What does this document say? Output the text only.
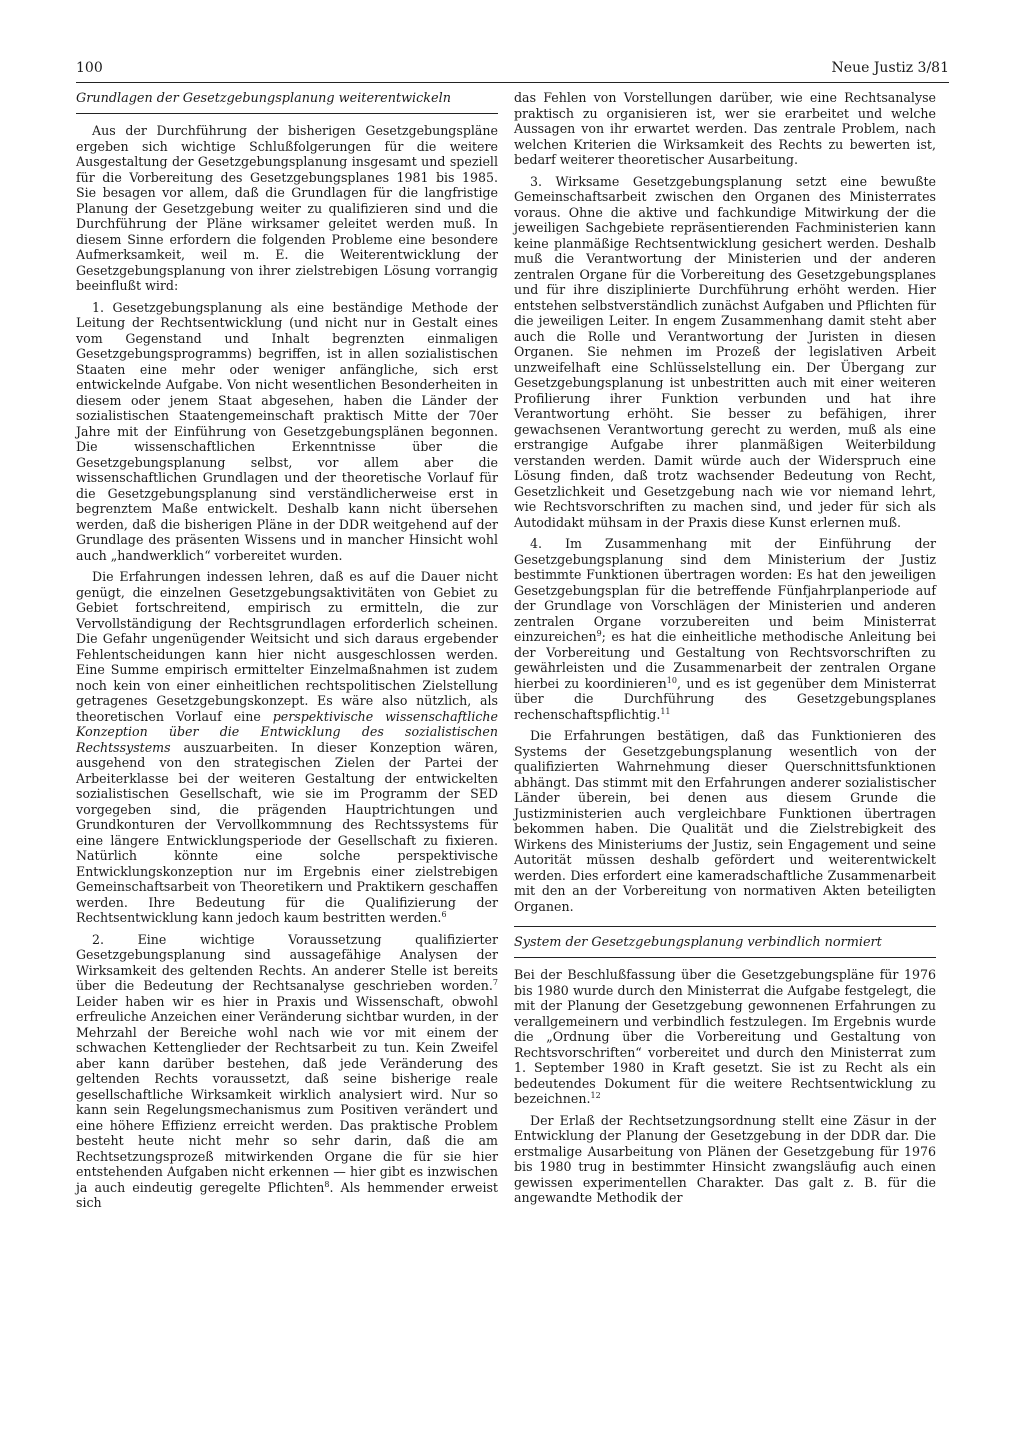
100	Neue Justiz 3/81
Grundlagen der Gesetzgebungsplanung weiterentwickeln

Aus der Durchführung der bisherigen Gesetzgebungspläne ergeben sich wichtige Schlußfolgerungen für die weitere Ausgestaltung der Gesetzgebungsplanung insgesamt und speziell für die Vorbereitung des Gesetzgebungsplanes 1981 bis 1985. Sie besagen vor allem, daß die Grundlagen für die langfristige Planung der Gesetzgebung weiter zu qualifizieren sind und die Durchführung der Pläne wirksamer geleitet werden muß. In diesem Sinne erfordern die folgenden Probleme eine besondere Aufmerksamkeit, weil m. E. die Weiterentwicklung der Gesetzgebungsplanung von ihrer zielstrebigen Lösung vorrangig beeinflußt wird:

1. Gesetzgebungsplanung als eine beständige Methode der Leitung der Rechtsentwicklung (und nicht nur in Gestalt eines vom Gegenstand und Inhalt begrenzten einmaligen Gesetzgebungsprogramms) begriffen, ist in allen sozialistischen Staaten eine mehr oder weniger anfängliche, sich erst entwickelnde Aufgabe. Von nicht wesentlichen Besonderheiten in diesem oder jenem Staat abgesehen, haben die Länder der sozialistischen Staatengemeinschaft praktisch Mitte der 70er Jahre mit der Einführung von Gesetzgebungsplänen begonnen. Die wissenschaftlichen Erkenntnisse über die Gesetzgebungsplanung selbst, vor allem aber die wissenschaftlichen Grundlagen und der theoretische Vorlauf für die Gesetzgebungsplanung sind verständlicherweise erst in begrenztem Maße entwickelt. Deshalb kann nicht übersehen werden, daß die bisherigen Pläne in der DDR weitgehend auf der Grundlage des präsenten Wissens und in mancher Hinsicht wohl auch „handwerklich“ vorbereitet wurden.

Die Erfahrungen indessen lehren, daß es auf die Dauer nicht genügt, die einzelnen Gesetzgebungsaktivitäten von Gebiet zu Gebiet fortschreitend, empirisch zu ermitteln, die zur Vervollständigung der Rechtsgrundlagen erforderlich scheinen. Die Gefahr ungenügender Weitsicht und sich daraus ergebender Fehlentscheidungen kann hier nicht ausgeschlossen werden. Eine Summe empirisch ermittelter Einzelmaßnahmen ist zudem noch kein von einer einheitlichen rechtspolitischen Zielstellung getragenes Gesetzgebungskonzept. Es wäre also nützlich, als theoretischen Vorlauf eine perspektivische wissenschaftliche Konzeption über die Entwicklung des sozialistischen Rechtssystems auszuarbeiten. In dieser Konzeption wären, ausgehend von den strategischen Zielen der Partei der Arbeiterklasse bei der weiteren Gestaltung der entwickelten sozialistischen Gesellschaft, wie sie im Programm der SED vorgegeben sind, die prägenden Hauptrichtungen und Grundkonturen der Vervollkommnung des Rechtssystems für eine längere Entwicklungsperiode der Gesellschaft zu fixieren. Natürlich könnte eine solche perspektivische Entwicklungskonzeption nur im Ergebnis einer zielstrebigen Gemeinschaftsarbeit von Theoretikern und Praktikern geschaffen werden. Ihre Bedeutung für die Qualifizierung der Rechtsentwicklung kann jedoch kaum bestritten werden.$^6$

2. Eine wichtige Voraussetzung qualifizierter Gesetzgebungsplanung sind aussagefähige Analysen der Wirksamkeit des geltenden Rechts. An anderer Stelle ist bereits über die Bedeutung der Rechtsanalyse geschrieben worden.$^7$ Leider haben wir es hier in Praxis und Wissenschaft, obwohl erfreuliche Anzeichen einer Veränderung sichtbar wurden, in der Mehrzahl der Bereiche wohl nach wie vor mit einem der schwachen Kettenglieder der Rechtsarbeit zu tun. Kein Zweifel aber kann darüber bestehen, daß jede Veränderung des geltenden Rechts voraussetzt, daß seine bisherige reale gesellschaftliche Wirksamkeit wirklich analysiert wird. Nur so kann sein Regelungsmechanismus zum Positiven verändert und eine höhere Effizienz erreicht werden. Das praktische Problem besteht heute nicht mehr so sehr darin, daß die am Rechtsetzungsprozeß mitwirkenden Organe die für sie hier entstehenden Aufgaben nicht erkennen — hier gibt es inzwischen ja auch eindeutig geregelte Pflichten$^8$. Als hemmender erweist sich

das Fehlen von Vorstellungen darüber, wie eine Rechtsanalyse praktisch zu organisieren ist, wer sie erarbeitet und welche Aussagen von ihr erwartet werden. Das zentrale Problem, nach welchen Kriterien die Wirksamkeit des Rechts zu bewerten ist, bedarf weiterer theoretischer Ausarbeitung.

3. Wirksame Gesetzgebungsplanung setzt eine bewußte Gemeinschaftsarbeit zwischen den Organen des Ministerrates voraus. Ohne die aktive und fachkundige Mitwirkung der die jeweiligen Sachgebiete repräsentierenden Fachministerien kann keine planmäßige Rechtsentwicklung gesichert werden. Deshalb muß die Verantwortung der Ministerien und der anderen zentralen Organe für die Vorbereitung des Gesetzgebungsplanes und für ihre disziplinierte Durchführung erhöht werden. Hier entstehen selbstverständlich zunächst Aufgaben und Pflichten für die jeweiligen Leiter. In engem Zusammenhang damit steht aber auch die Rolle und Verantwortung der Juristen in diesen Organen. Sie nehmen im Prozeß der legislativen Arbeit unzweifelhaft eine Schlüsselstellung ein. Der Übergang zur Gesetzgebungsplanung ist unbestritten auch mit einer weiteren Profilierung ihrer Funktion verbunden und hat ihre Verantwortung erhöht. Sie besser zu befähigen, ihrer gewachsenen Verantwortung gerecht zu werden, muß als eine erstrangige Aufgabe ihrer planmäßigen Weiterbildung verstanden werden. Damit würde auch der Widerspruch eine Lösung finden, daß trotz wachsender Bedeutung von Recht, Gesetzlichkeit und Gesetzgebung nach wie vor niemand lehrt, wie Rechtsvorschriften zu machen sind, und jeder für sich als Autodidakt mühsam in der Praxis diese Kunst erlernen muß.

4. Im Zusammenhang mit der Einführung der Gesetzgebungsplanung sind dem Ministerium der Justiz bestimmte Funktionen übertragen worden: Es hat den jeweiligen Gesetzgebungsplan für die betreffende Fünfjahrplanperiode auf der Grundlage von Vorschlägen der Ministerien und anderen zentralen Organe vorzubereiten und beim Ministerrat einzureichen$^9$; es hat die einheitliche methodische Anleitung bei der Vorbereitung und Gestaltung von Rechtsvorschriften zu gewährleisten und die Zusammenarbeit der zentralen Organe hierbei zu koordinieren$^{10}$, und es ist gegenüber dem Ministerrat über die Durchführung des Gesetzgebungsplanes rechenschaftspflichtig.$^{11}$

Die Erfahrungen bestätigen, daß das Funktionieren des Systems der Gesetzgebungsplanung wesentlich von der qualifizierten Wahrnehmung dieser Querschnittsfunktionen abhängt. Das stimmt mit den Erfahrungen anderer sozialistischer Länder überein, bei denen aus diesem Grunde die Justizministerien auch vergleichbare Funktionen übertragen bekommen haben. Die Qualität und die Zielstrebigkeit des Wirkens des Ministeriums der Justiz, sein Engagement und seine Autorität müssen deshalb gefördert und weiterentwickelt werden. Dies erfordert eine kameradschaftliche Zusammenarbeit mit den an der Vorbereitung von normativen Akten beteiligten Organen.

System der Gesetzgebungsplanung verbindlich normiert

Bei der Beschlußfassung über die Gesetzgebungspläne für 1976 bis 1980 wurde durch den Ministerrat die Aufgabe festgelegt, die mit der Planung der Gesetzgebung gewonnenen Erfahrungen zu verallgemeinern und verbindlich festzulegen. Im Ergebnis wurde die „Ordnung über die Vorbereitung und Gestaltung von Rechtsvorschriften“ vorbereitet und durch den Ministerrat zum 1. September 1980 in Kraft gesetzt. Sie ist zu Recht als ein bedeutendes Dokument für die weitere Rechtsentwicklung zu bezeichnen.$^{12}$

Der Erlaß der Rechtsetzungsordnung stellt eine Zäsur in der Entwicklung der Planung der Gesetzgebung in der DDR dar. Die erstmalige Ausarbeitung von Plänen der Gesetzgebung für 1976 bis 1980 trug in bestimmter Hinsicht zwangsläufig auch einen gewissen experimentellen Charakter. Das galt z. B. für die angewandte Methodik der
